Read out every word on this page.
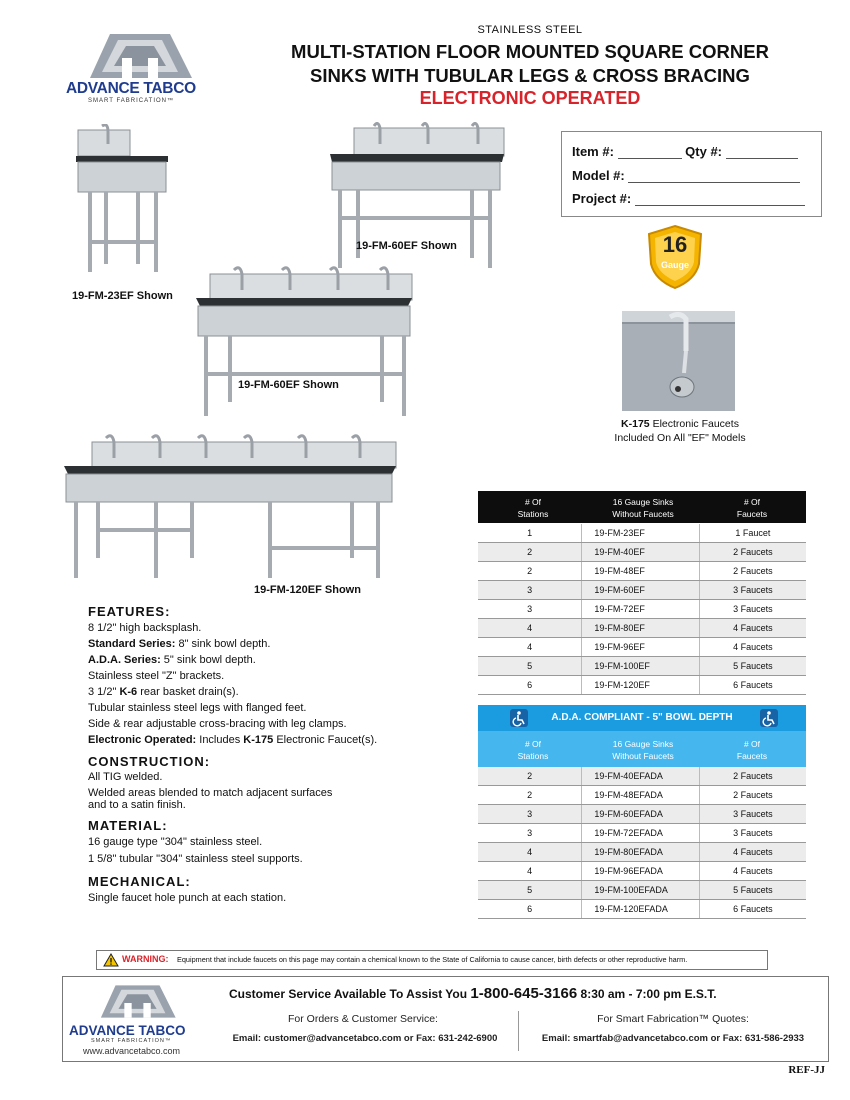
ADVANCE TABCO
SMART FABRICATION™
STAINLESS STEEL
MULTI-STATION FLOOR MOUNTED SQUARE CORNER
SINKS WITH TUBULAR LEGS & CROSS BRACING
ELECTRONIC OPERATED
Item #:	Qty #:
Model #:
Project #:
16
Gauge
K-175 Electronic Faucets
Included On All "EF" Models
19-FM-23EF Shown
19-FM-60EF Shown
19-FM-60EF Shown
19-FM-120EF Shown
FEATURES:
8 1/2" high backsplash.
Standard Series: 8" sink bowl depth.
A.D.A. Series: 5" sink bowl depth.
Stainless steel "Z" brackets.
3 1/2" K-6 rear basket drain(s).
Tubular stainless steel legs with flanged feet.
Side & rear adjustable cross-bracing with leg clamps.
Electronic Operated: Includes K-175 Electronic Faucet(s).
CONSTRUCTION:
All TIG welded.
Welded areas blended to match adjacent surfaces
and to a satin finish.
MATERIAL:
16 gauge type "304" stainless steel.
1 5/8" tubular "304" stainless steel supports.
MECHANICAL:
Single faucet hole punch at each station.
# Of
Stations
16 Gauge Sinks
Without Faucets
# Of
Faucets
1	19-FM-23EF	1 Faucet
2	19-FM-40EF	2 Faucets
2	19-FM-48EF	2 Faucets
3	19-FM-60EF	3 Faucets
3	19-FM-72EF	3 Faucets
4	19-FM-80EF	4 Faucets
4	19-FM-96EF	4 Faucets
5	19-FM-100EF	5 Faucets
6	19-FM-120EF	6 Faucets
A.D.A. COMPLIANT - 5" BOWL DEPTH
# Of
Stations
16 Gauge Sinks
Without Faucets
# Of
Faucets
2	19-FM-40EFADA	2 Faucets
2	19-FM-48EFADA	2 Faucets
3	19-FM-60EFADA	3 Faucets
3	19-FM-72EFADA	3 Faucets
4	19-FM-80EFADA	4 Faucets
4	19-FM-96EFADA	4 Faucets
5	19-FM-100EFADA	5 Faucets
6	19-FM-120EFADA	6 Faucets
WARNING: Equipment that include faucets on this page may contain a chemical known to the State of California to cause cancer, birth defects or other reproductive harm.
ADVANCE TABCO
SMART FABRICATION™
www.advancetabco.com
Customer Service Available To Assist You 1-800-645-3166 8:30 am - 7:00 pm E.S.T.
For Orders & Customer Service:
Email: customer@advancetabco.com or Fax: 631-242-6900
For Smart Fabrication™ Quotes:
Email: smartfab@advancetabco.com or Fax: 631-586-2933
REF-JJ
